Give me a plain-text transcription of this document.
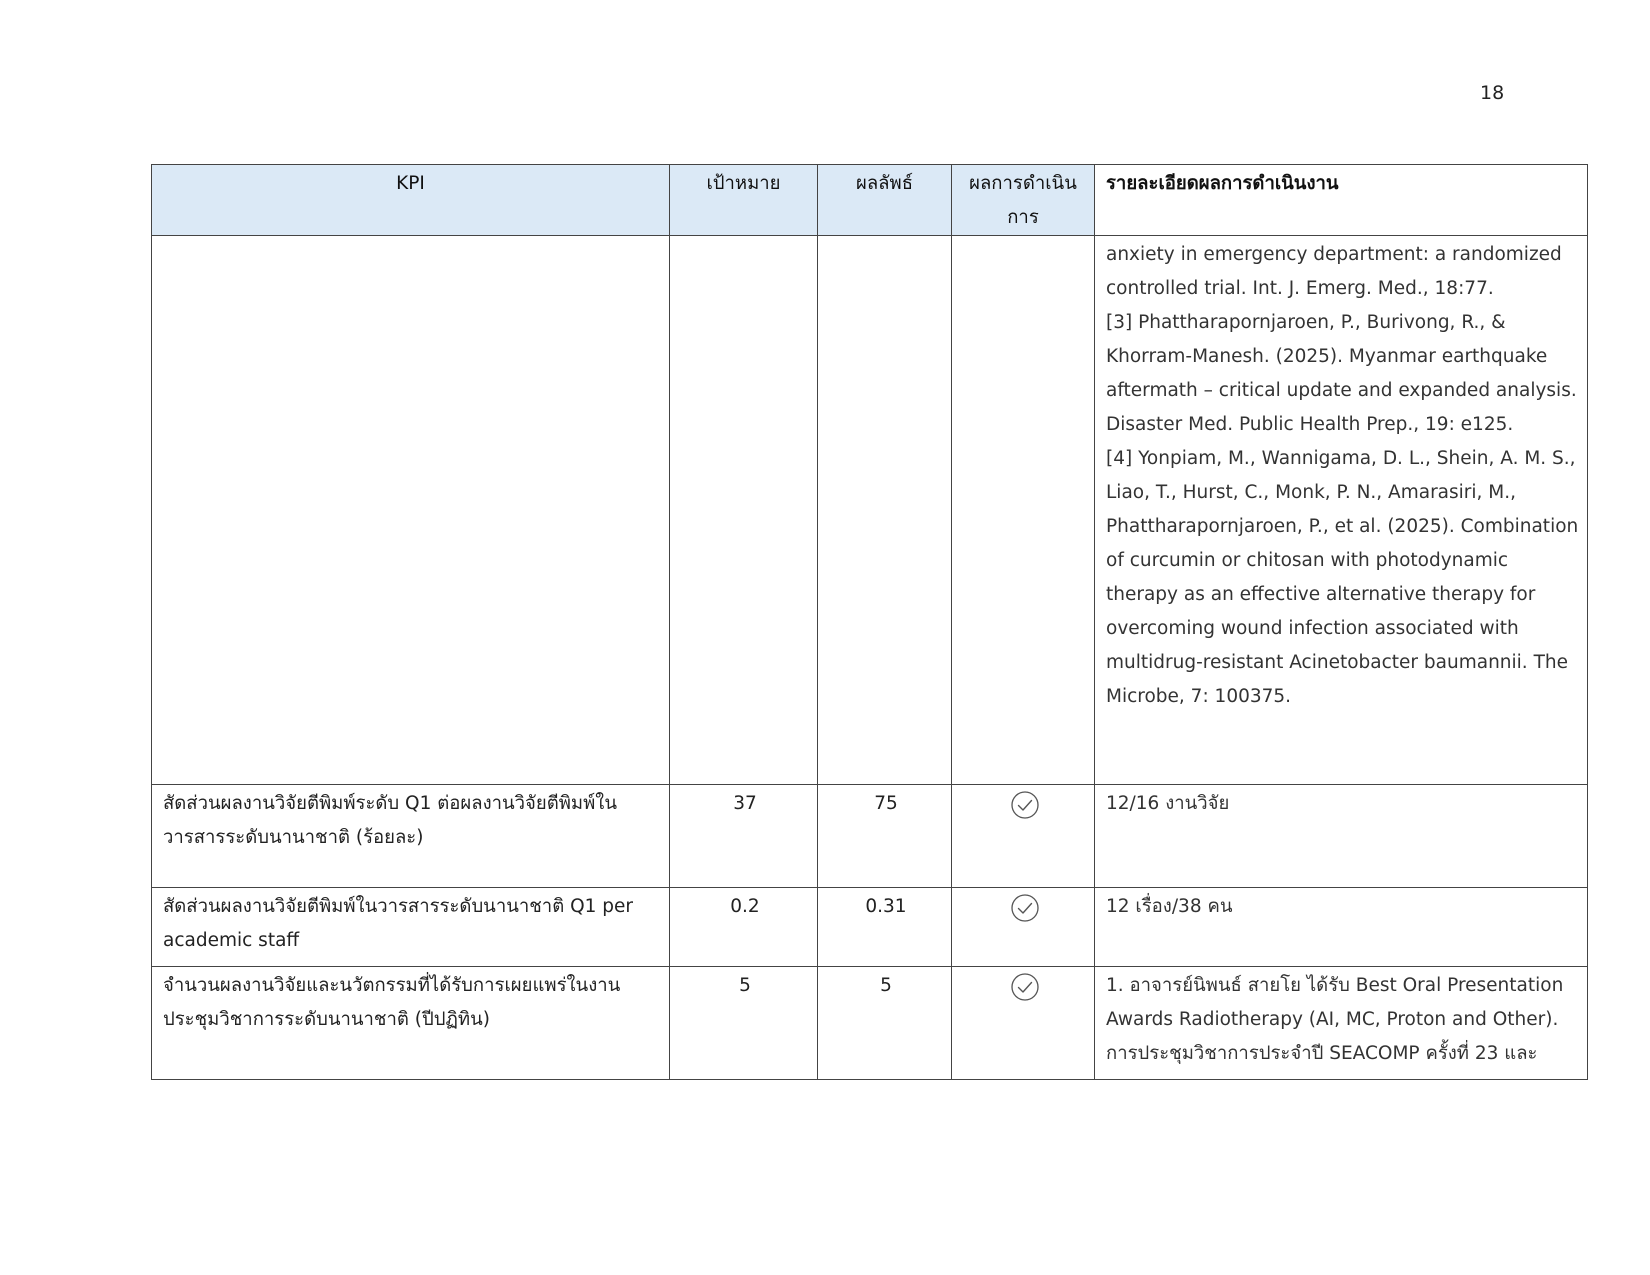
18
KPI	เป้าหมาย	ผลลัพธ์	ผลการดำเนินการ	รายละเอียดผลการดำเนินงาน
				anxiety in emergency department: a randomized controlled trial. Int. J. Emerg. Med., 18:77.
[3] Phattharapornjaroen, P., Burivong, R., & Khorram-Manesh. (2025). Myanmar earthquake aftermath – critical update and expanded analysis.
Disaster Med. Public Health Prep., 19: e125.
[4] Yonpiam, M., Wannigama, D. L., Shein, A. M. S., Liao, T., Hurst, C., Monk, P. N., Amarasiri, M., Phattharapornjaroen, P., et al. (2025). Combination of curcumin or chitosan with photodynamic therapy as an effective alternative therapy for overcoming wound infection associated with multidrug-resistant Acinetobacter baumannii. The Microbe, 7: 100375.
สัดส่วนผลงานวิจัยตีพิมพ์ระดับ Q1 ต่อผลงานวิจัยตีพิมพ์ในวารสารระดับนานาชาติ (ร้อยละ)	37	75		12/16 งานวิจัย
สัดส่วนผลงานวิจัยตีพิมพ์ในวารสารระดับนานาชาติ Q1 per academic staff	0.2	0.31		12 เรื่อง/38 คน
จำนวนผลงานวิจัยและนวัตกรรมที่ได้รับการเผยแพร่ในงานประชุมวิชาการระดับนานาชาติ (ปีปฏิทิน)	5	5		1. อาจารย์นิพนธ์ สายโย ได้รับ Best Oral Presentation Awards Radiotherapy (AI, MC, Proton and Other). การประชุมวิชาการประจำปี SEACOMP ครั้งที่ 23 และ
